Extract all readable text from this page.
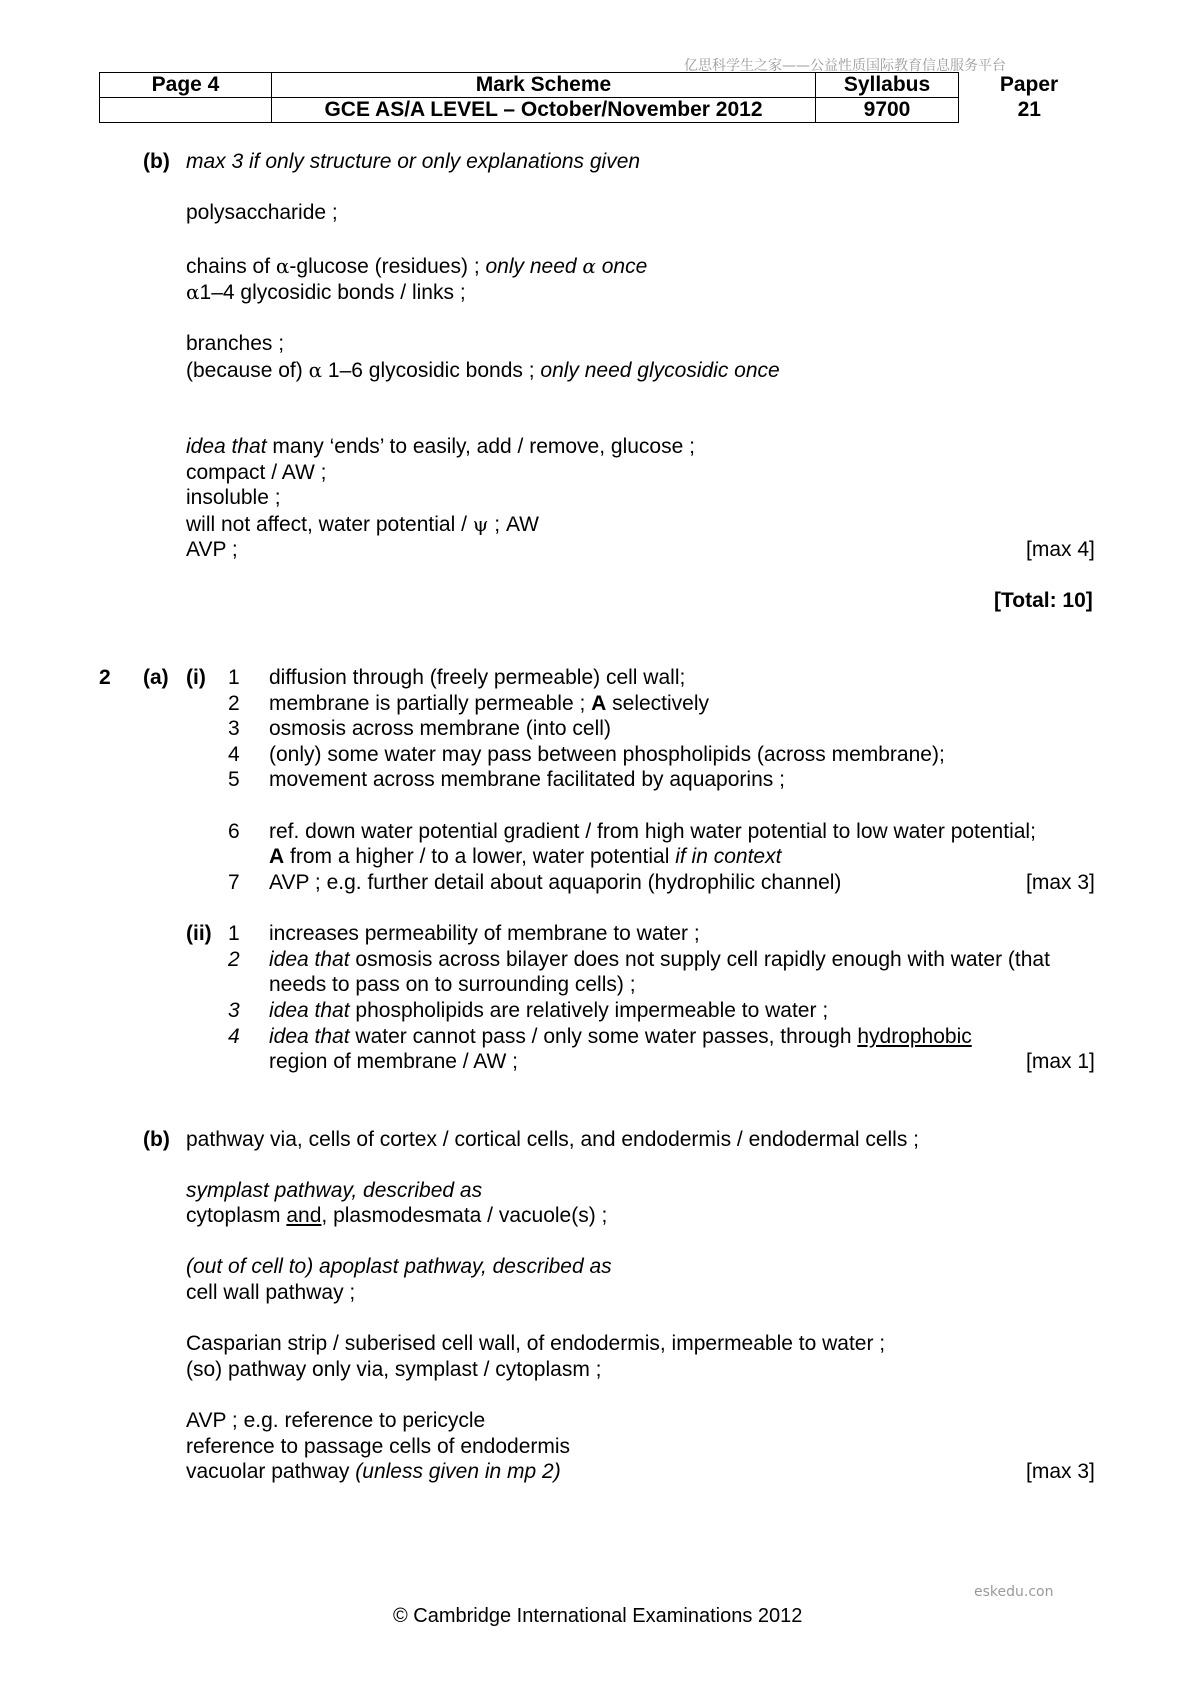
亿思科学生之家——公益性质国际教育信息服务平台
Page 4	Mark Scheme	Syllabus	Paper
	GCE AS/A LEVEL – October/November 2012	9700	21
(b) max 3 if only structure or only explanations given
polysaccharide ;
chains of α-glucose (residues) ; only need α once
α1–4 glycosidic bonds / links ;
branches ;
(because of) α 1–6 glycosidic bonds ; only need glycosidic once
idea that many ‘ends’ to easily, add / remove, glucose ;
compact / AW ;
insoluble ;
will not affect, water potential / ψ ; AW
AVP ;	[max 4]
[Total: 10]
2 (a) (i) 1 diffusion through (freely permeable) cell wall;
2 membrane is partially permeable ; A selectively
3 osmosis across membrane (into cell)
4 (only) some water may pass between phospholipids (across membrane);
5 movement across membrane facilitated by aquaporins ;
6 ref. down water potential gradient / from high water potential to low water potential;
A from a higher / to a lower, water potential if in context
7 AVP ; e.g. further detail about aquaporin (hydrophilic channel)	[max 3]
(ii) 1 increases permeability of membrane to water ;
2 idea that osmosis across bilayer does not supply cell rapidly enough with water (that
needs to pass on to surrounding cells) ;
3 idea that phospholipids are relatively impermeable to water ;
4 idea that water cannot pass / only some water passes, through hydrophobic
region of membrane / AW ;	[max 1]
(b) pathway via, cells of cortex / cortical cells, and endodermis / endodermal cells ;
symplast pathway, described as
cytoplasm and, plasmodesmata / vacuole(s) ;
(out of cell to) apoplast pathway, described as
cell wall pathway ;
Casparian strip / suberised cell wall, of endodermis, impermeable to water ;
(so) pathway only via, symplast / cytoplasm ;
AVP ; e.g. reference to pericycle
reference to passage cells of endodermis
vacuolar pathway (unless given in mp 2)	[max 3]
eskedu.con
© Cambridge International Examinations 2012
